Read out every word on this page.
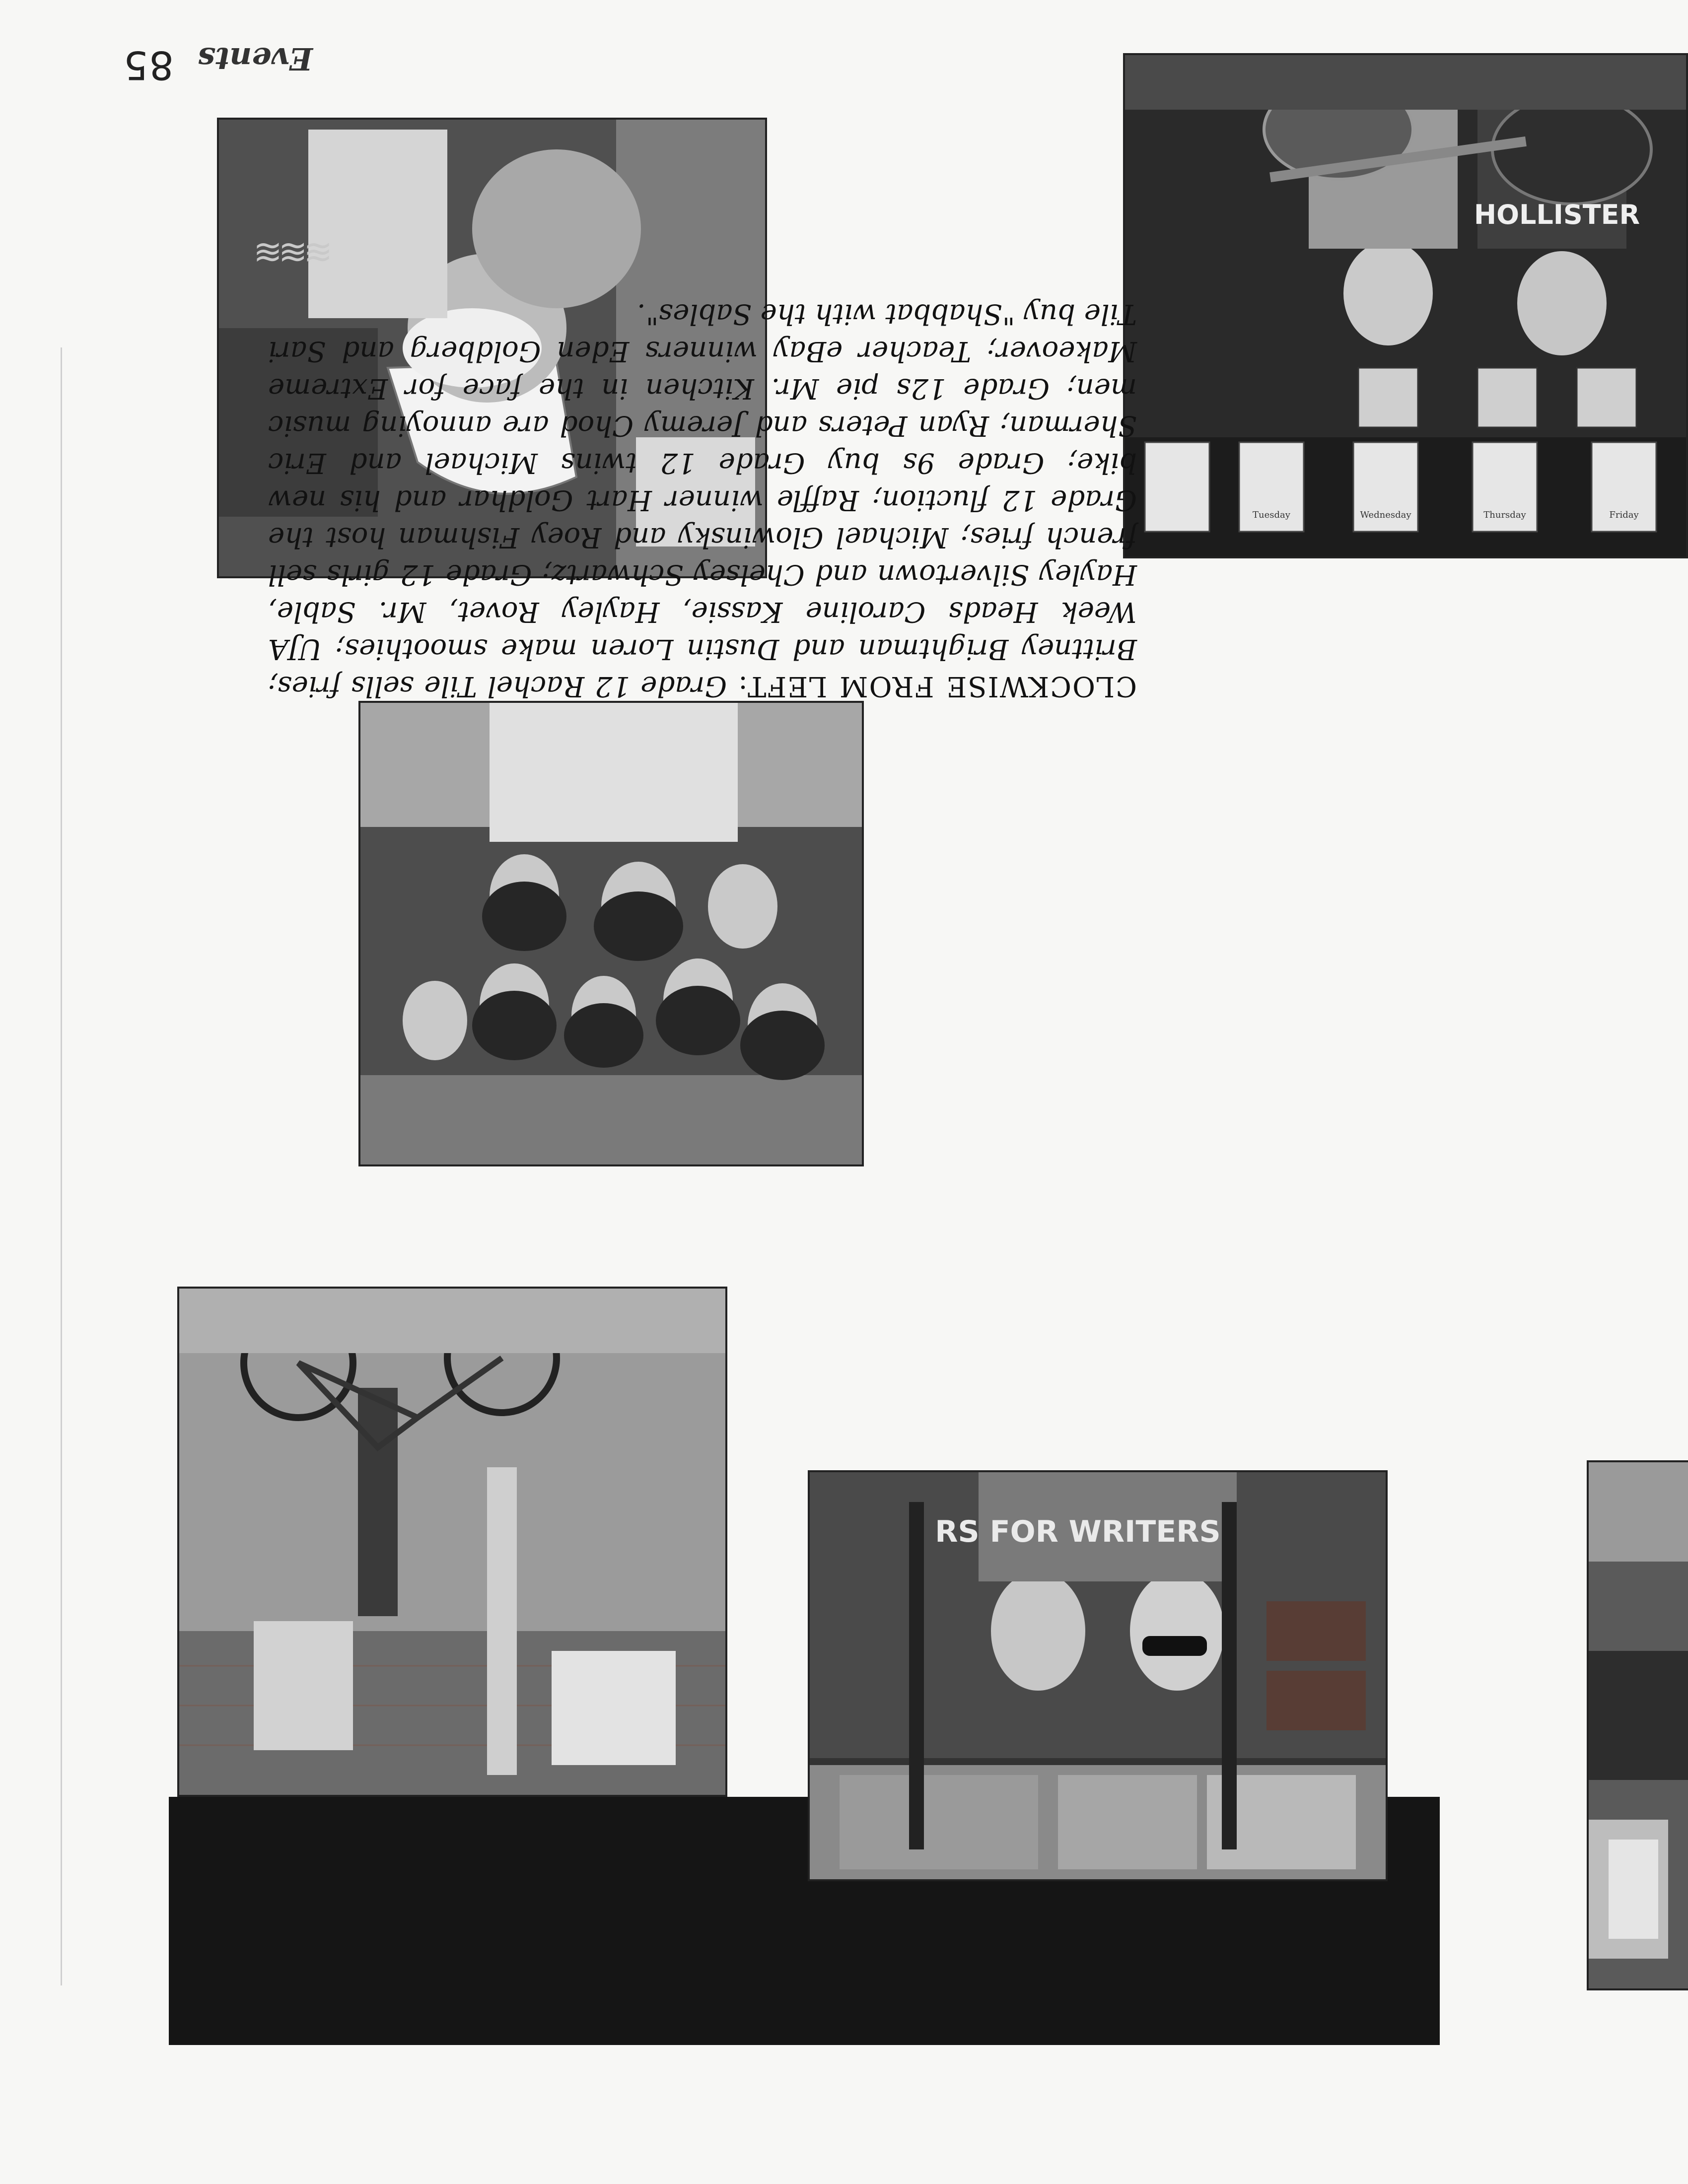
RS FOR WRITERS
Friday
Thursday
Wednesday
Tuesday
HOLLISTER
CLOCKWISE FROM LEFT: Grade 12 Rachel Tile sells fries; Brittney Brightman and Dustin Loren make smoothies; UJA Week Heads Caroline Kassie, Hayley Rovet, Mr. Sable, Hayley Silvertown and Chelsey Schwartz; Grade 12 girls sell french fries; Michael Glowinsky and Roey Fishman host the Grade 12 fluction; Raffle winner Hart Goldhar and his new bike; Grade 9s buy Grade 12 twins Michael and Eric Sherman; Ryan Peters and Jeremy Chod are annoying music men; Grade 12s pie Mr. Kitchen in the face for Extreme Makeover; Teacher eBay winners Eden Goldberg and Sari Tile buy "Shabbat with the Sables".
≋≋≋
Events
85
